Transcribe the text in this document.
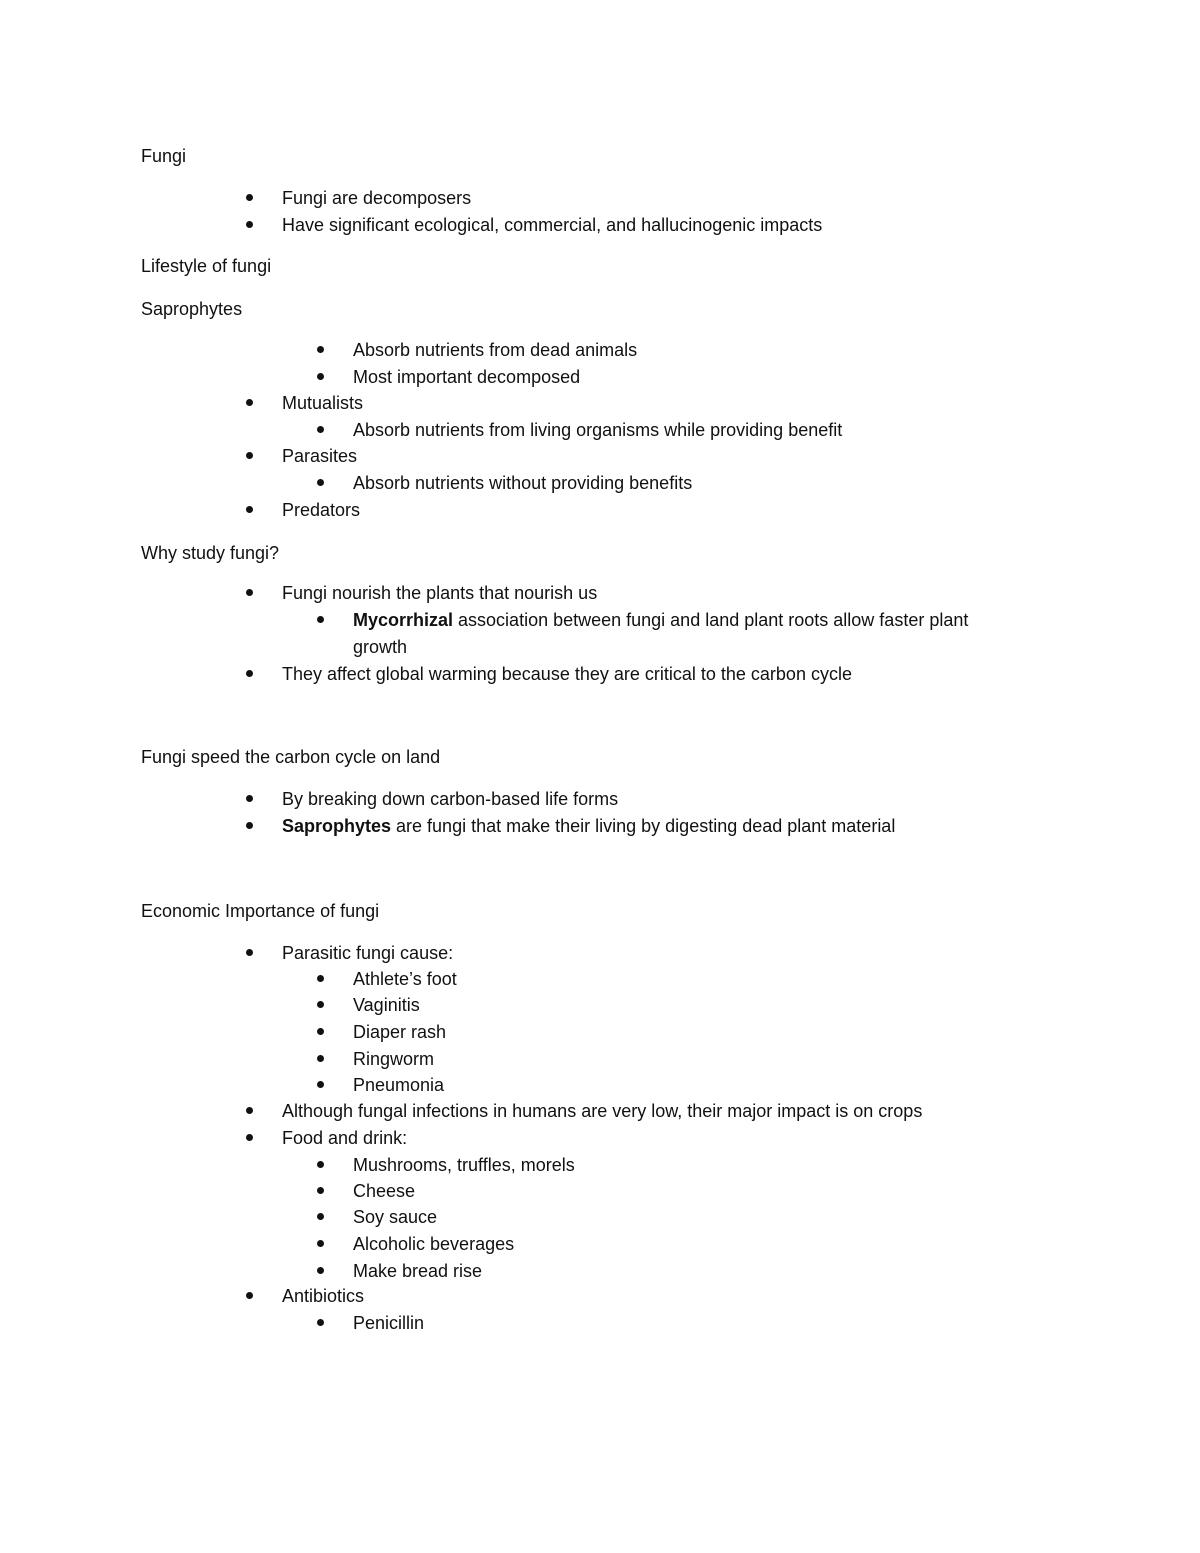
Fungi
Fungi are decomposers
Have significant ecological, commercial, and hallucinogenic impacts
Lifestyle of fungi
Saprophytes
Absorb nutrients from dead animals
Most important decomposed
Mutualists
Absorb nutrients from living organisms while providing benefit
Parasites
Absorb nutrients without providing benefits
Predators
Why study fungi?
Fungi nourish the plants that nourish us
Mycorrhizal association between fungi and land plant roots allow faster plant
growth
They affect global warming because they are critical to the carbon cycle
Fungi speed the carbon cycle on land
By breaking down carbon-based life forms
Saprophytes are fungi that make their living by digesting dead plant material
Economic Importance of fungi
Parasitic fungi cause:
Athlete’s foot
Vaginitis
Diaper rash
Ringworm
Pneumonia
Although fungal infections in humans are very low, their major impact is on crops
Food and drink:
Mushrooms, truffles, morels
Cheese
Soy sauce
Alcoholic beverages
Make bread rise
Antibiotics
Penicillin
